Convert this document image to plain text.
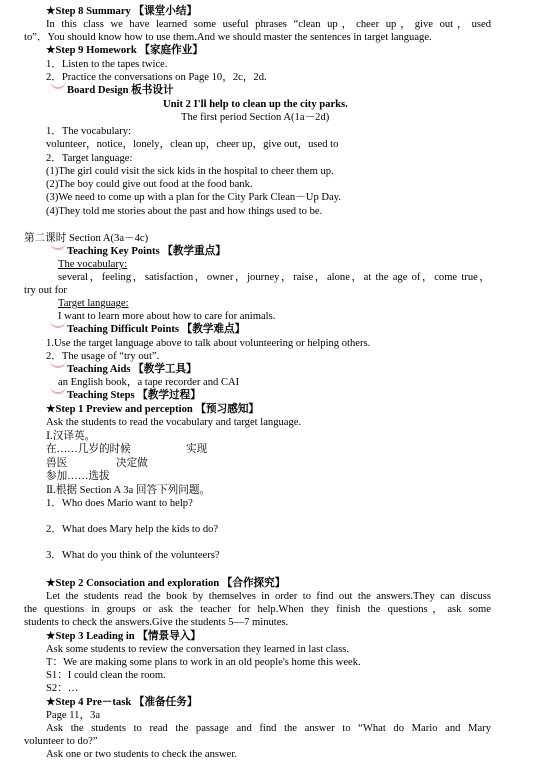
★Step 8 Summary 【课堂小结】
In this class we have learned some useful phrases “clean up，cheer up，give out，used
to”．You should know how to use them.And we should master the sentences in target language.
★Step 9 Homework 【家庭作业】
1．Listen to the tapes twice.
2．Practice the conversations on Page 10，2c，2d.
Board Design 板书设计
Unit 2 I'll help to clean up the city parks.
The first period Section A(1a－2d)
1．The vocabulary:
volunteer，notice，lonely，clean up，cheer up，give out，used to
2．Target language:
(1)The girl could visit the sick kids in the hospital to cheer them up.
(2)The boy could give out food at the food bank.
(3)We need to come up with a plan for the City Park Clean－Up Day.
(4)They told me stories about the past and how things used to be.
第二课时 Section A(3a－4c)
Teaching Key Points 【教学重点】
The vocabulary:
several，feeling，satisfaction，owner，journey，raise，alone，at the age of，come true，
try out for
Target language:
I want to learn more about how to care for animals.
Teaching Difficult Points 【教学难点】
1.Use the target language above to talk about volunteering or helping others.
2．The usage of “try out”.
Teaching Aids 【教学工具】
an English book，a tape recorder and CAI
Teaching Steps 【教学过程】
★Step 1 Preview and perception 【预习感知】
Ask the students to read the vocabulary and target language.
Ⅰ.汉译英。
在……几岁的时候	实现
兽医	决定做
参加……选拔
Ⅱ.根据 Section A 3a 回答下列问题。
1．Who does Mario want to help?
2．What does Mary help the kids to do?
3．What do you think of the volunteers?
★Step 2 Consociation and exploration 【合作探究】
Let the students read the book by themselves in order to find out the answers.They can discuss
the questions in groups or ask the teacher for help.When they finish the questions，ask some
students to check the answers.Give the students 5—7 minutes.
★Step 3 Leading in 【情景导入】
Ask some students to review the conversation they learned in last class.
T：We are making some plans to work in an old people's home this week.
S1：I could clean the room.
S2：…
★Step 4 Pre－task 【准备任务】
Page 11，3a
Ask the students to read the passage and find the answer to “What do Mario and Mary
volunteer to do?”
Ask one or two students to check the answer.
